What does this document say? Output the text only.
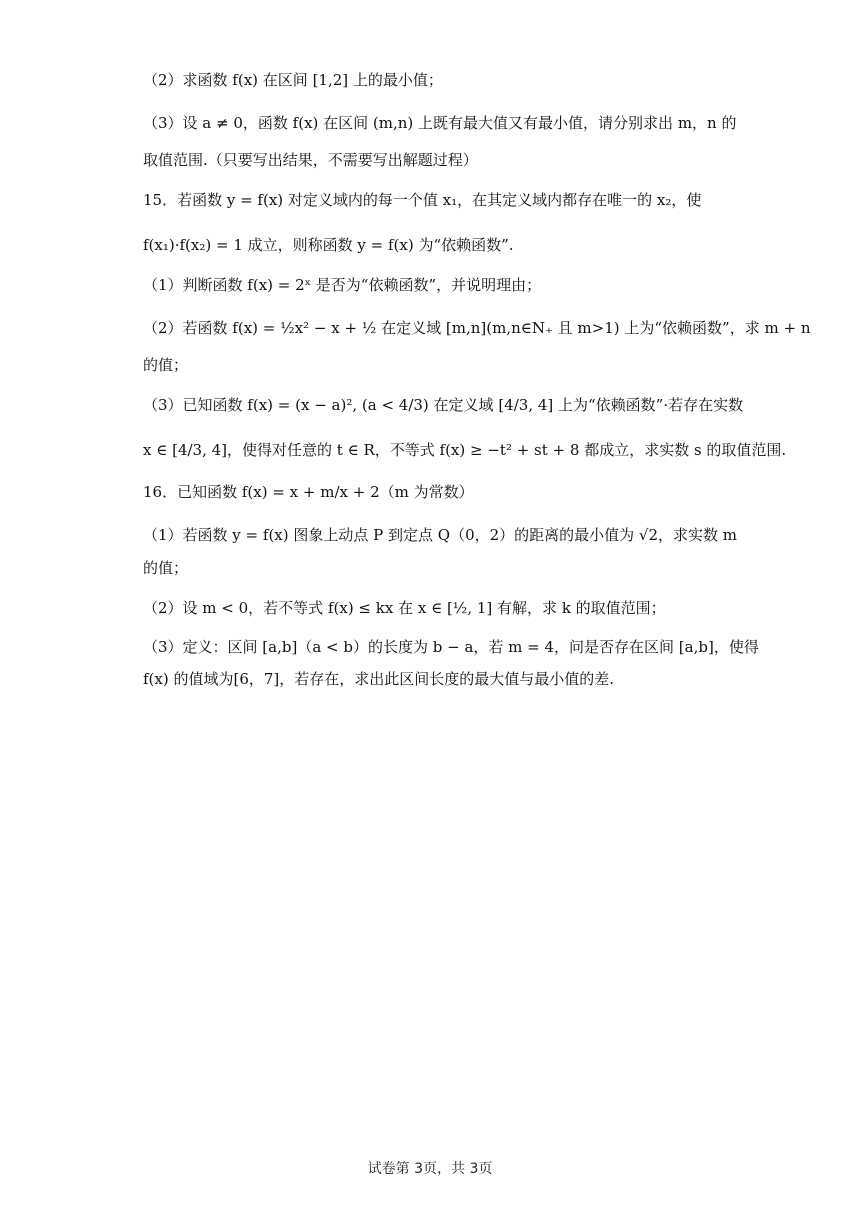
（2）求函数 f(x) 在区间 [1,2] 上的最小值；
（3）设 a ≠ 0，函数 f(x) 在区间 (m,n) 上既有最大值又有最小值，请分别求出 m，n 的
取值范围.（只要写出结果，不需要写出解题过程）
15．若函数 y = f(x) 对定义域内的每一个值 x₁，在其定义域内都存在唯一的 x₂，使
f(x₁)·f(x₂) = 1 成立，则称函数 y = f(x) 为“依赖函数”.
（1）判断函数 f(x) = 2ˣ 是否为“依赖函数”，并说明理由；
（2）若函数 f(x) = ½x² − x + ½ 在定义域 [m,n](m,n∈N₊ 且 m>1) 上为“依赖函数”，求 m + n
的值；
（3）已知函数 f(x) = (x − a)², (a < 4/3) 在定义域 [4/3, 4] 上为“依赖函数”·若存在实数
x ∈ [4/3, 4]，使得对任意的 t ∈ R，不等式 f(x) ≥ −t² + st + 8 都成立，求实数 s 的取值范围.
16．已知函数 f(x) = x + m/x + 2（m 为常数）
（1）若函数 y = f(x) 图象上动点 P 到定点 Q（0，2）的距离的最小值为 √2，求实数 m
的值；
（2）设 m < 0，若不等式 f(x) ≤ kx 在 x ∈ [½, 1] 有解，求 k 的取值范围；
（3）定义：区间 [a,b]（a < b）的长度为 b − a，若 m = 4，问是否存在区间 [a,b]，使得
f(x) 的值域为[6，7]，若存在，求出此区间长度的最大值与最小值的差.
试卷第 3页，共 3页
